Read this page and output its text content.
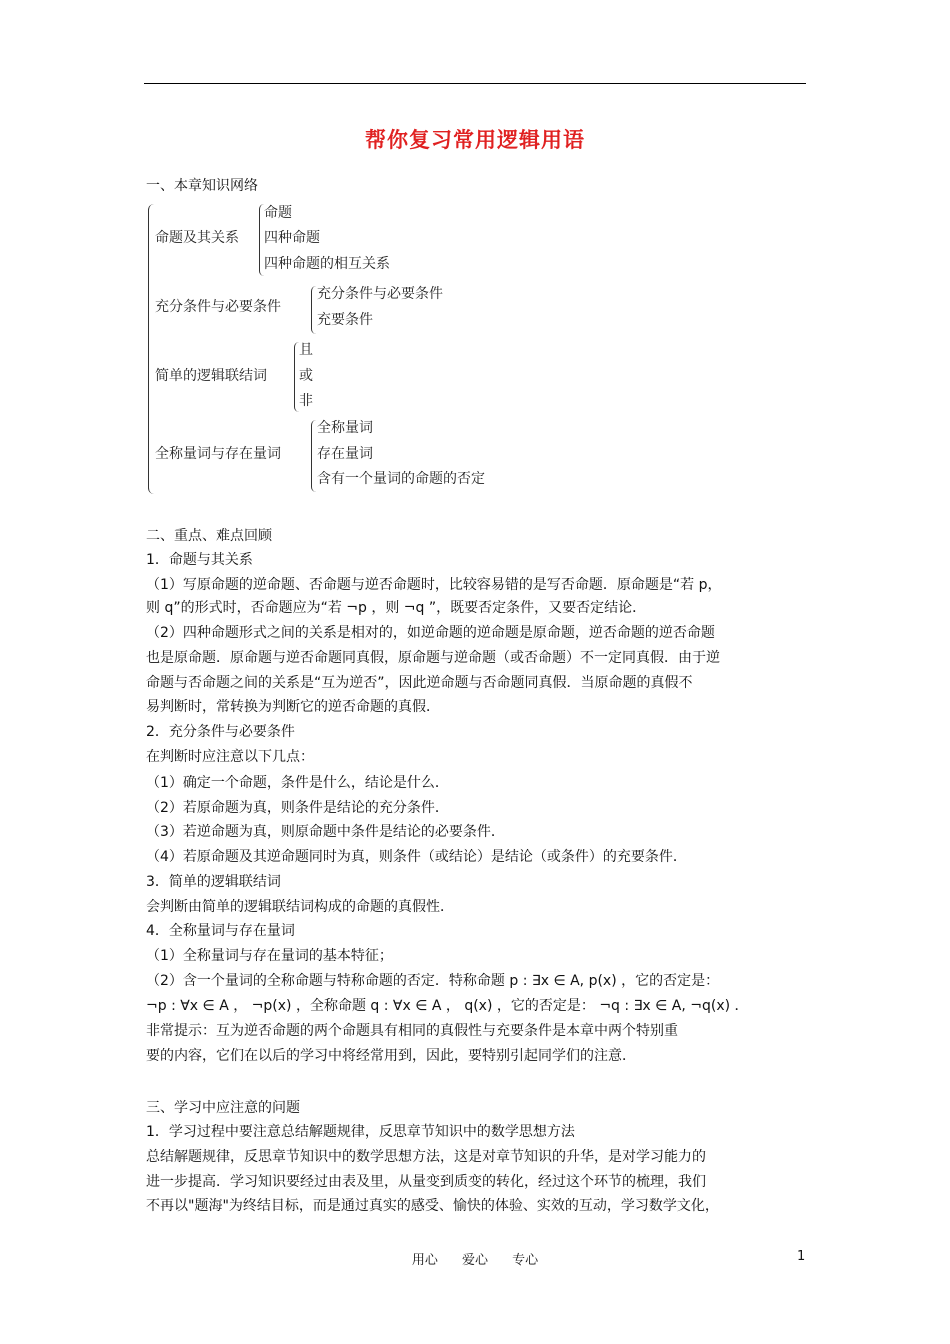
帮你复习常用逻辑用语
一、本章知识网络
命题及其关系
命题
四种命题
四种命题的相互关系
充分条件与必要条件
充分条件与必要条件
充要条件
简单的逻辑联结词
且
或
非
全称量词与存在量词
全称量词
存在量词
含有一个量词的命题的否定
二、重点、难点回顾
1．命题与其关系
（1）写原命题的逆命题、否命题与逆否命题时，比较容易错的是写否命题．原命题是“若 p，
则 q”的形式时，否命题应为“若 ¬p ，则 ¬q ”，既要否定条件，又要否定结论．
（2）四种命题形式之间的关系是相对的，如逆命题的逆命题是原命题，逆否命题的逆否命题
也是原命题．原命题与逆否命题同真假，原命题与逆命题（或否命题）不一定同真假．由于逆
命题与否命题之间的关系是“互为逆否”，因此逆命题与否命题同真假．当原命题的真假不
易判断时，常转换为判断它的逆否命题的真假．
2．充分条件与必要条件
在判断时应注意以下几点：
（1）确定一个命题，条件是什么，结论是什么．
（2）若原命题为真，则条件是结论的充分条件．
（3）若逆命题为真，则原命题中条件是结论的必要条件．
（4）若原命题及其逆命题同时为真，则条件（或结论）是结论（或条件）的充要条件．
3．简单的逻辑联结词
会判断由简单的逻辑联结词构成的命题的真假性．
4．全称量词与存在量词
（1）全称量词与存在量词的基本特征；
（2）含一个量词的全称命题与特称命题的否定．特称命题 p : ∃x ∈ A, p(x) ，它的否定是：
¬p : ∀x ∈ A ， ¬p(x) ，全称命题 q : ∀x ∈ A ， q(x) ，它的否定是： ¬q : ∃x ∈ A, ¬q(x) ．
非常提示：互为逆否命题的两个命题具有相同的真假性与充要条件是本章中两个特别重
要的内容，它们在以后的学习中将经常用到，因此，要特别引起同学们的注意．
三、学习中应注意的问题
1．学习过程中要注意总结解题规律，反思章节知识中的数学思想方法
总结解题规律，反思章节知识中的数学思想方法，这是对章节知识的升华，是对学习能力的
进一步提高．学习知识要经过由表及里，从量变到质变的转化，经过这个环节的梳理，我们
不再以"题海"为终结目标，而是通过真实的感受、愉快的体验、实效的互动，学习数学文化，
用心 爱心 专心	1
